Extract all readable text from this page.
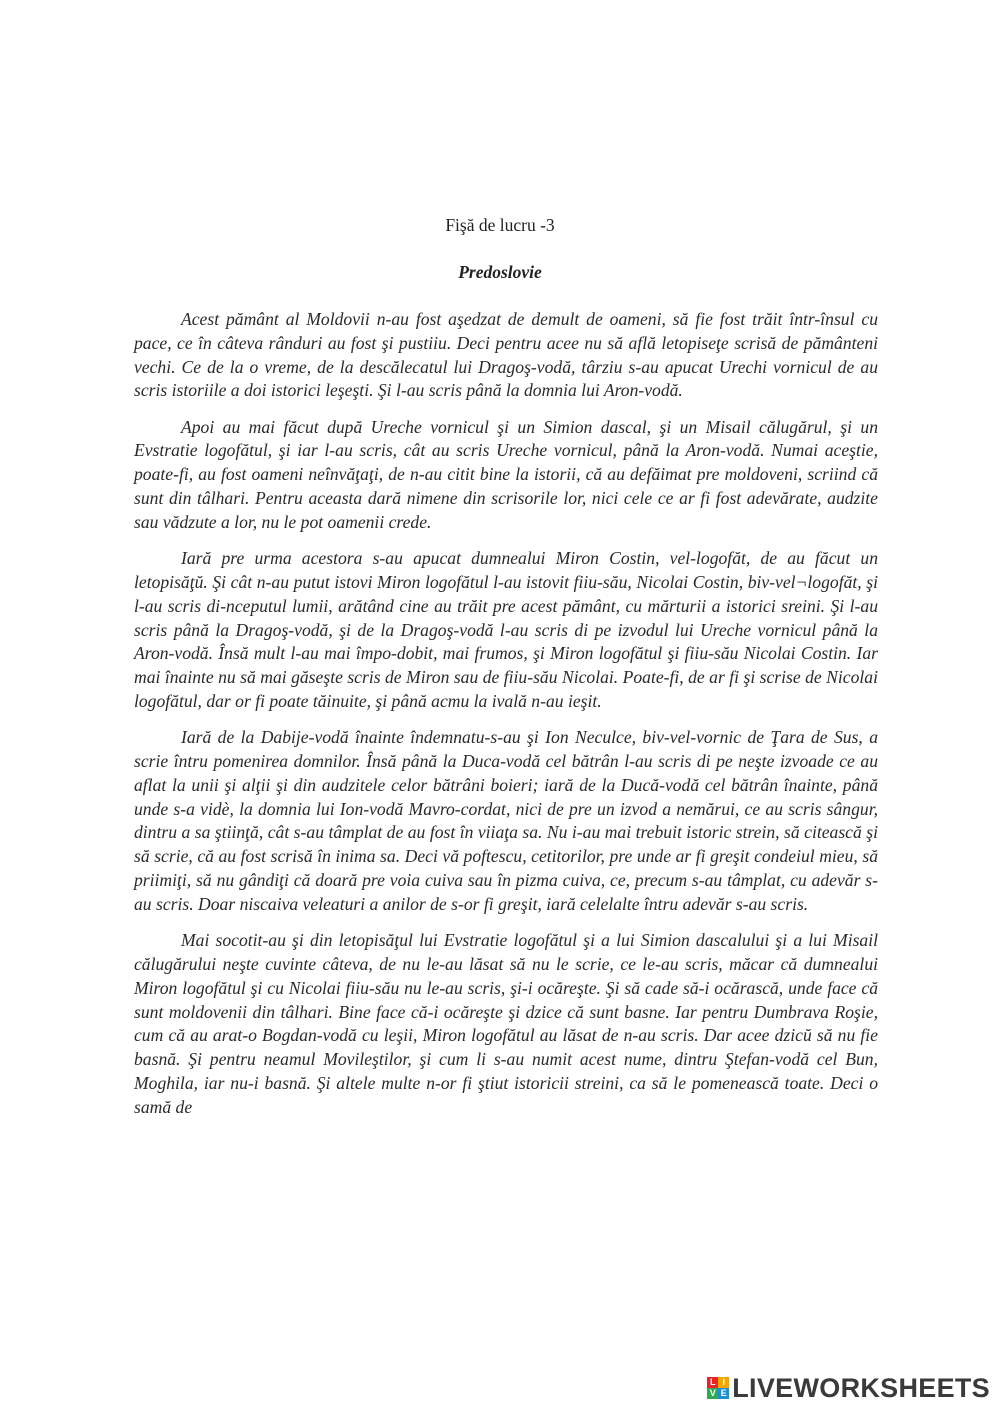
Fişă de lucru -3
Predoslovie

Acest pământ al Moldovii n-au fost aşedzat de demult de oameni, să fie fost trăit într-însul cu pace, ce în câteva rânduri au fost şi pustiiu. Deci pentru acee nu să află letopiseţe scrisă de pământeni vechi. Ce de la o vreme, de la descălecatul lui Dragoş-vodă, târziu s-au apucat Urechi vornicul de au scris istoriile a doi istorici leşeşti. Şi l-au scris până la domnia lui Aron-vodă.

Apoi au mai făcut după Ureche vornicul şi un Simion dascal, şi un Misail călugărul, şi un Evstratie logofătul, şi iar l-au scris, cât au scris Ureche vornicul, până la Aron-vodă. Numai aceştie, poate-fi, au fost oameni neînvăţaţi, de n-au citit bine la istorii, că au defăimat pre moldoveni, scriind că sunt din tâlhari. Pentru aceasta dară nimene din scrisorile lor, nici cele ce ar fi fost adevărate, audzite sau vădzute a lor, nu le pot oamenii crede.

Iară pre urma acestora s-au apucat dumnealui Miron Costin, vel-logofăt, de au făcut un letopisăţŭ. Şi cât n-au putut istovi Miron logofătul l-au istovit fiiu-său, Nicolai Costin, biv-vel¬logofăt, şi l-au scris di-nceputul lumii, arătând cine au trăit pre acest pământ, cu mărturii a istorici sreini. Şi l-au scris până la Dragoş-vodă, şi de la Dragoş-vodă l-au scris di pe izvodul lui Ureche vornicul până la Aron-vodă. Însă mult l-au mai împo-dobit, mai frumos, şi Miron logofătul şi fiiu-său Nicolai Costin. Iar mai înainte nu să mai găseşte scris de Miron sau de fiiu-său Nicolai. Poate-fi, de ar fi şi scrise de Nicolai logofătul, dar or fi poate tăinuite, şi până acmu la ivală n-au ieşit.

Iară de la Dabije-vodă înainte îndemnatu-s-au şi Ion Neculce, biv-vel-vornic de Ţara de Sus, a scrie întru pomenirea domnilor. Însă până la Duca-vodă cel bătrân l-au scris di pe neşte izvoade ce au aflat la unii şi alţii şi din audzitele celor bătrâni boieri; iară de la Ducă-vodă cel bătrân înainte, până unde s-a vidè, la domnia lui Ion-vodă Mavro-cordat, nici de pre un izvod a nemărui, ce au scris sângur, dintru a sa ştiinţă, cât s-au tâmplat de au fost în viiaţa sa. Nu i-au mai trebuit istoric strein, să citească şi să scrie, că au fost scrisă în inima sa. Deci vă poftescu, cetitorilor, pre unde ar fi greşit condeiul mieu, să priimiţi, să nu gândiţi că doară pre voia cuiva sau în pizma cuiva, ce, precum s-au tâmplat, cu adevăr s-au scris. Doar niscaiva veleaturi a anilor de s-or fi greşit, iară celelalte întru adevăr s-au scris.

Mai socotit-au şi din letopisăţul lui Evstratie logofătul şi a lui Simion dascalului şi a lui Misail călugărului neşte cuvinte câteva, de nu le-au lăsat să nu le scrie, ce le-au scris, măcar că dumnealui Miron logofătul şi cu Nicolai fiiu-său nu le-au scris, şi-i ocăreşte. Şi să cade să-i ocărască, unde face că sunt moldovenii din tâlhari. Bine face că-i ocăreşte şi dzice că sunt basne. Iar pentru Dumbrava Roşie, cum că au arat-o Bogdan-vodă cu leşii, Miron logofătul au lăsat de n-au scris. Dar acee dzicŭ să nu fie basnă. Şi pentru neamul Movileştilor, şi cum li s-au numit acest nume, dintru Ştefan-vodă cel Bun, Moghila, iar nu-i basnă. Şi altele multe n-or fi ştiut istoricii streini, ca să le pomenească toate. Deci o samă de

L I
V E LIVEWORKSHEETS
